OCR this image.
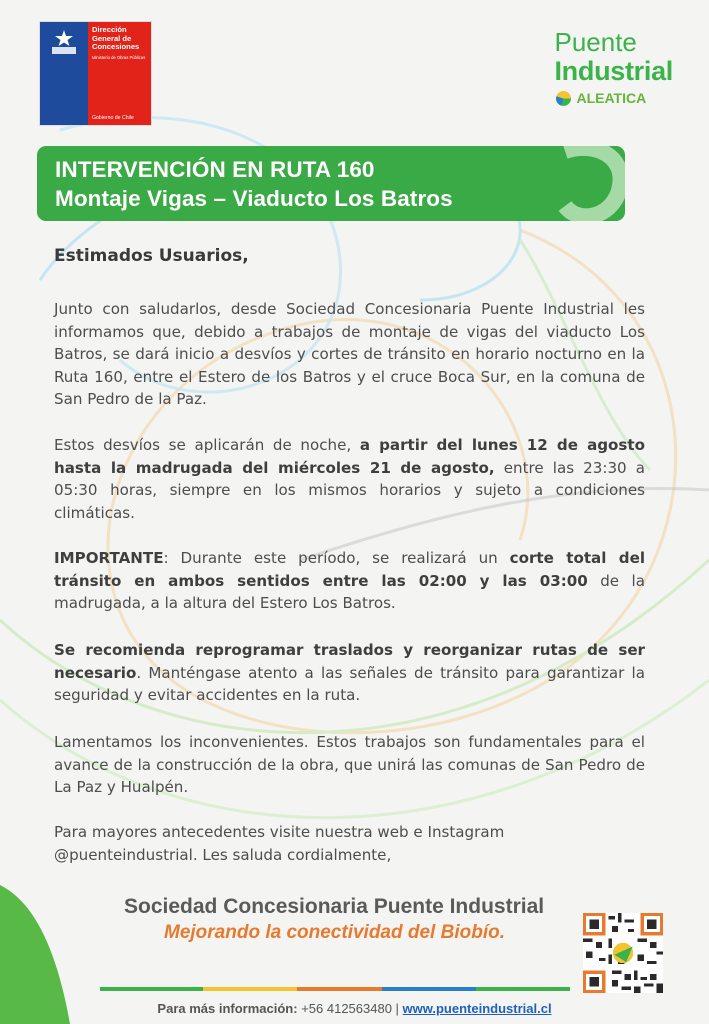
Dirección General de Concesiones
Ministerio de Obras Públicas
Gobierno de Chile
Puente
Industrial
ALEATICA
INTERVENCIÓN EN RUTA 160
Montaje Vigas – Viaducto Los Batros
Estimados Usuarios,
Junto con saludarlos, desde Sociedad Concesionaria Puente Industrial les informamos que, debido a trabajos de montaje de vigas del viaducto Los Batros, se dará inicio a desvíos y cortes de tránsito en horario nocturno en la Ruta 160, entre el Estero de los Batros y el cruce Boca Sur, en la comuna de San Pedro de la Paz.
Estos desvíos se aplicarán de noche, a partir del lunes 12 de agosto hasta la madrugada del miércoles 21 de agosto, entre las 23:30 a 05:30 horas, siempre en los mismos horarios y sujeto a condiciones climáticas.
IMPORTANTE: Durante este período, se realizará un corte total del tránsito en ambos sentidos entre las 02:00 y las 03:00 de la madrugada, a la altura del Estero Los Batros.
Se recomienda reprogramar traslados y reorganizar rutas de ser necesario. Manténgase atento a las señales de tránsito para garantizar la seguridad y evitar accidentes en la ruta.
Lamentamos los inconvenientes. Estos trabajos son fundamentales para el avance de la construcción de la obra, que unirá las comunas de San Pedro de La Paz y Hualpén.
Para mayores antecedentes visite nuestra web e Instagram
@puenteindustrial. Les saluda cordialmente,
Sociedad Concesionaria Puente Industrial
Mejorando la conectividad del Biobío.
Para más información: +56 412563480 | www.puenteindustrial.cl
